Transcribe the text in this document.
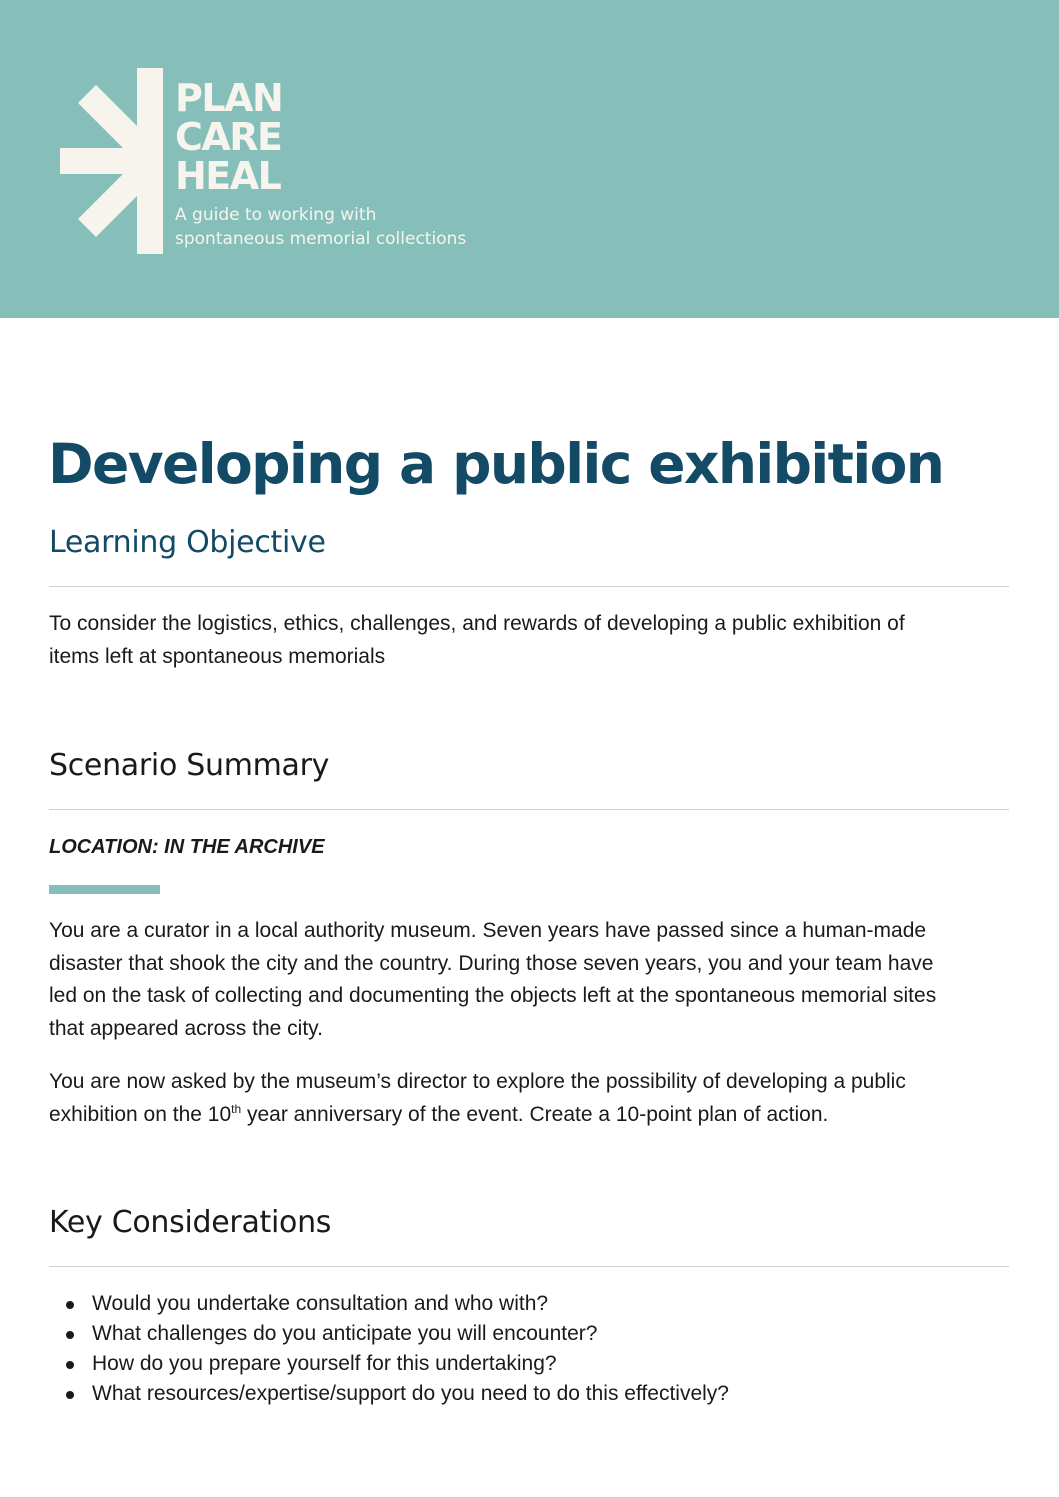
PLAN
CARE
HEAL
A guide to working with
spontaneous memorial collections
Developing a public exhibition
Learning Objective

To consider the logistics, ethics, challenges, and rewards of developing a public exhibition of
items left at spontaneous memorials

Scenario Summary
LOCATION: IN THE ARCHIVE

You are a curator in a local authority museum. Seven years have passed since a human-made
disaster that shook the city and the country. During those seven years, you and your team have
led on the task of collecting and documenting the objects left at the spontaneous memorial sites
that appeared across the city.

You are now asked by the museum’s director to explore the possibility of developing a public
exhibition on the 10th year anniversary of the event. Create a 10-point plan of action.

Key Considerations
Would you undertake consultation and who with?
What challenges do you anticipate you will encounter?
How do you prepare yourself for this undertaking?
What resources/expertise/support do you need to do this effectively?
